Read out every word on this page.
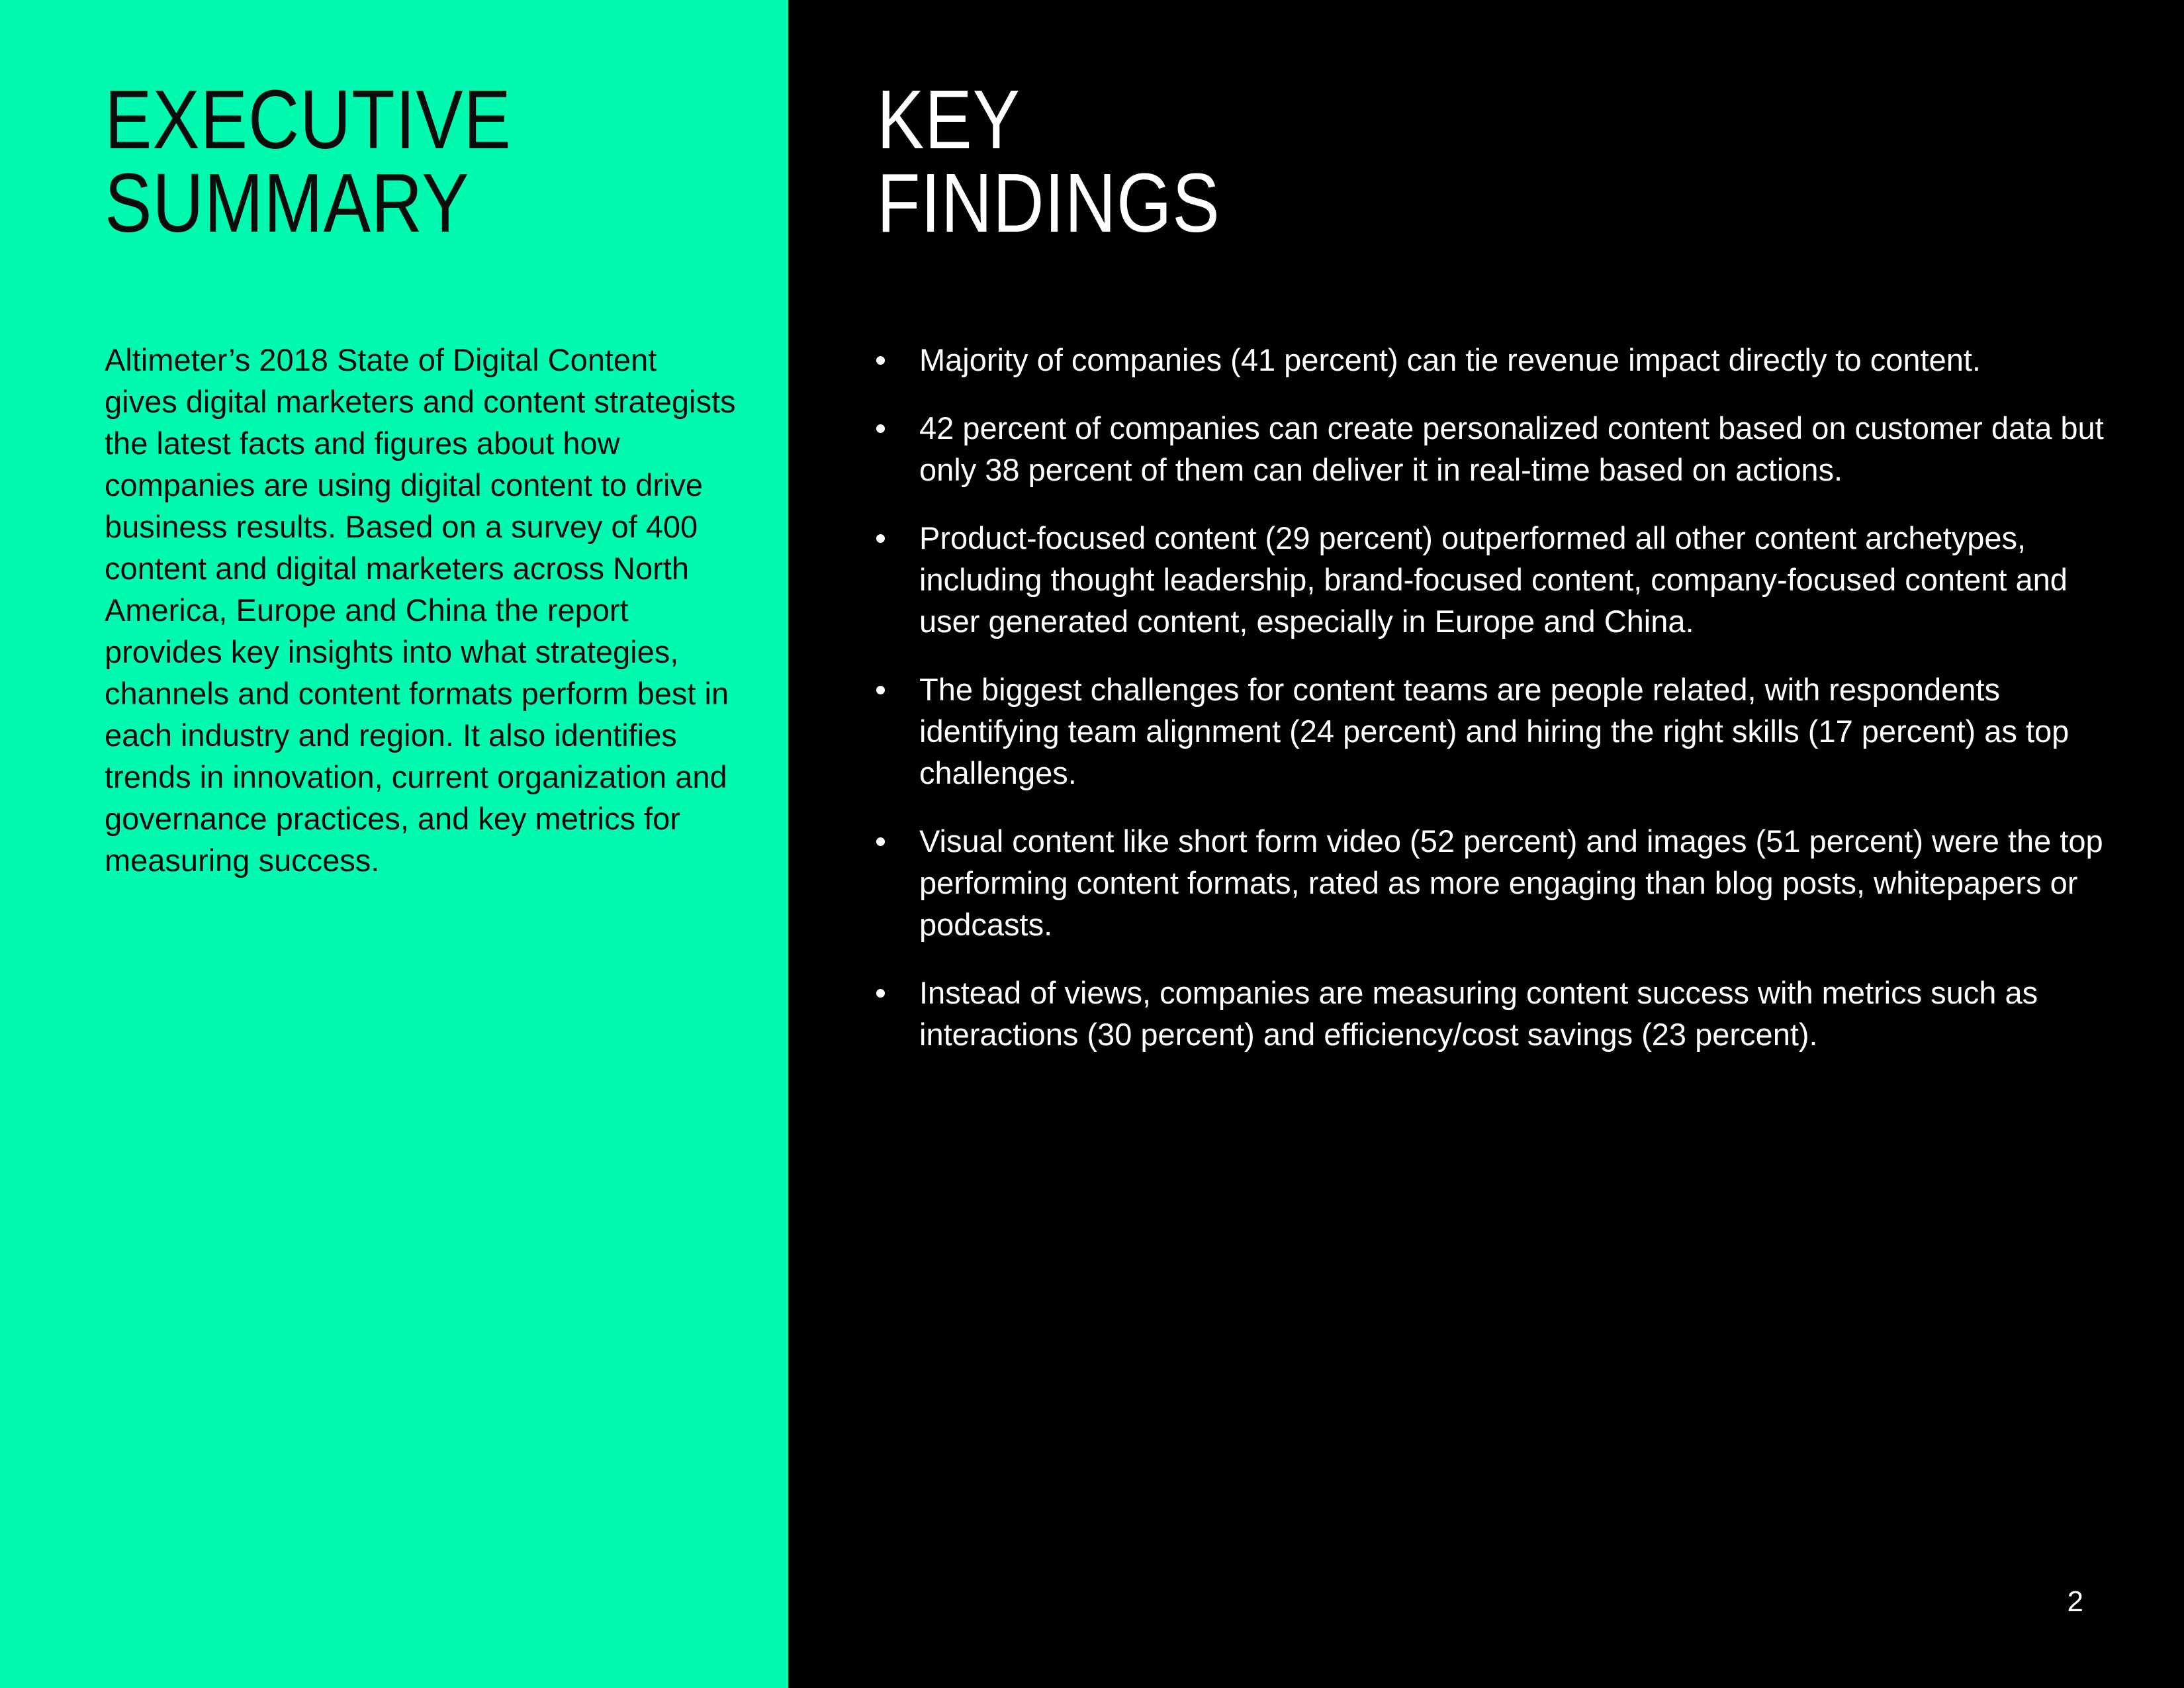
EXECUTIVE
SUMMARY

Altimeter’s 2018 State of Digital Content gives digital marketers and content strategists the latest facts and figures about how companies are using digital content to drive business results. Based on a survey of 400 content and digital marketers across North America, Europe and China the report provides key insights into what strategies, channels and content formats perform best in each industry and region. It also identifies trends in innovation, current organization and governance practices, and key metrics for measuring success.

KEY
FINDINGS
Majority of companies (41 percent) can tie revenue impact directly to content.
42 percent of companies can create personalized content based on customer data but only 38 percent of them can deliver it in real-time based on actions.
Product-focused content (29 percent) outperformed all other content archetypes, including thought leadership, brand-focused content, company-focused content and user generated content, especially in Europe and China.
The biggest challenges for content teams are people related, with respondents identifying team alignment (24 percent) and hiring the right skills (17 percent) as top challenges.
Visual content like short form video (52 percent) and images (51 percent) were the top performing content formats, rated as more engaging than blog posts, whitepapers or podcasts.
Instead of views, companies are measuring content success with metrics such as interactions (30 percent) and efficiency/cost savings (23 percent).
2
